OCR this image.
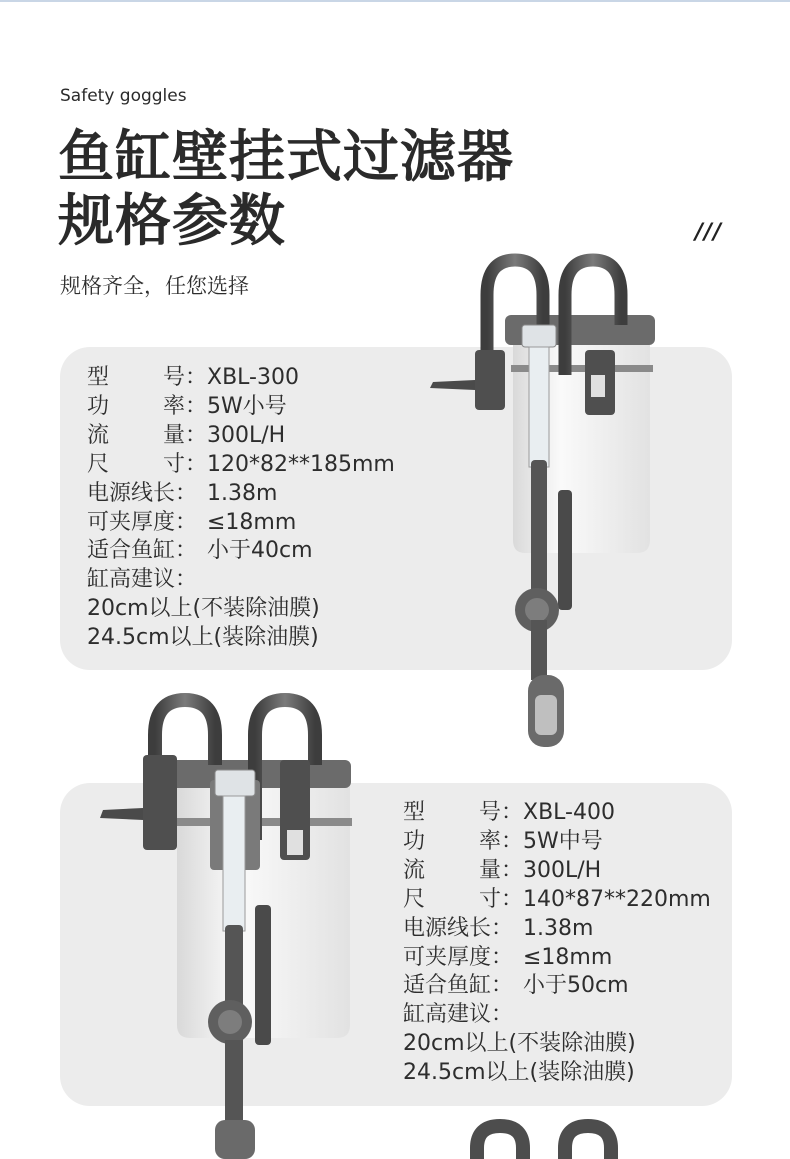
Safety goggles
鱼缸壁挂式过滤器
规格参数	///
规格齐全，任您选择
型 号： XBL-300
功 率： 5W小号
流 量： 300L/H
尺 寸： 120*82**185mm
电源线长： 1.38m
可夹厚度： ≤18mm
适合鱼缸： 小于40cm
缸高建议：
20cm以上(不装除油膜)
24.5cm以上(装除油膜)
型 号： XBL-400
功 率： 5W中号
流 量： 300L/H
尺 寸： 140*87**220mm
电源线长： 1.38m
可夹厚度： ≤18mm
适合鱼缸： 小于50cm
缸高建议：
20cm以上(不装除油膜)
24.5cm以上(装除油膜)
